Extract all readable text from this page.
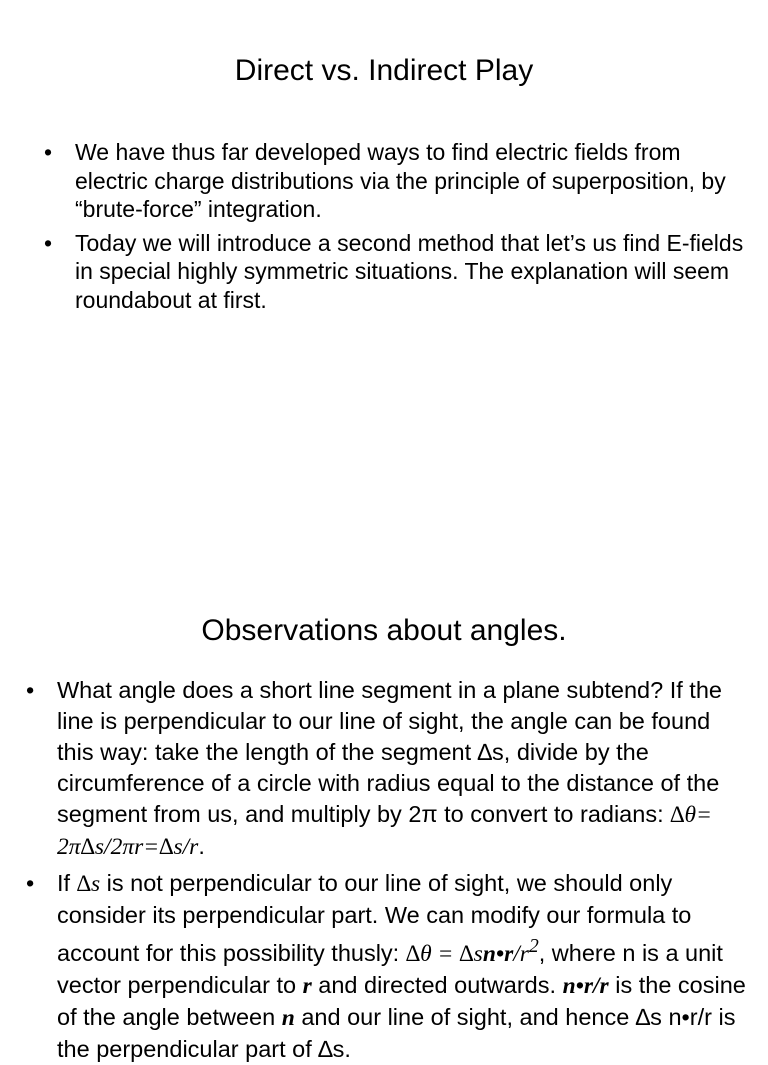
Direct vs. Indirect Play
• We have thus far developed ways to find electric fields from electric charge distributions via the principle of superposition, by “brute-force” integration.
• Today we will introduce a second method that let’s us find E-fields in special highly symmetric situations. The explanation will seem roundabout at first.
Observations about angles.
• What angle does a short line segment in a plane subtend? If the line is perpendicular to our line of sight, the angle can be found this way: take the length of the segment ∆s, divide by the circumference of a circle with radius equal to the distance of the segment from us, and multiply by 2π to convert to radians: ∆θ= 2π∆s/2πr=∆s/r.
• If ∆s is not perpendicular to our line of sight, we should only consider its perpendicular part. We can modify our formula to account for this possibility thusly: $\Delta\theta = \Delta sn•r/r^2$, where n is a unit vector perpendicular to r and directed outwards. n•r/r is the cosine of the angle between n and our line of sight, and hence ∆s n•r/r is the perpendicular part of ∆s.
